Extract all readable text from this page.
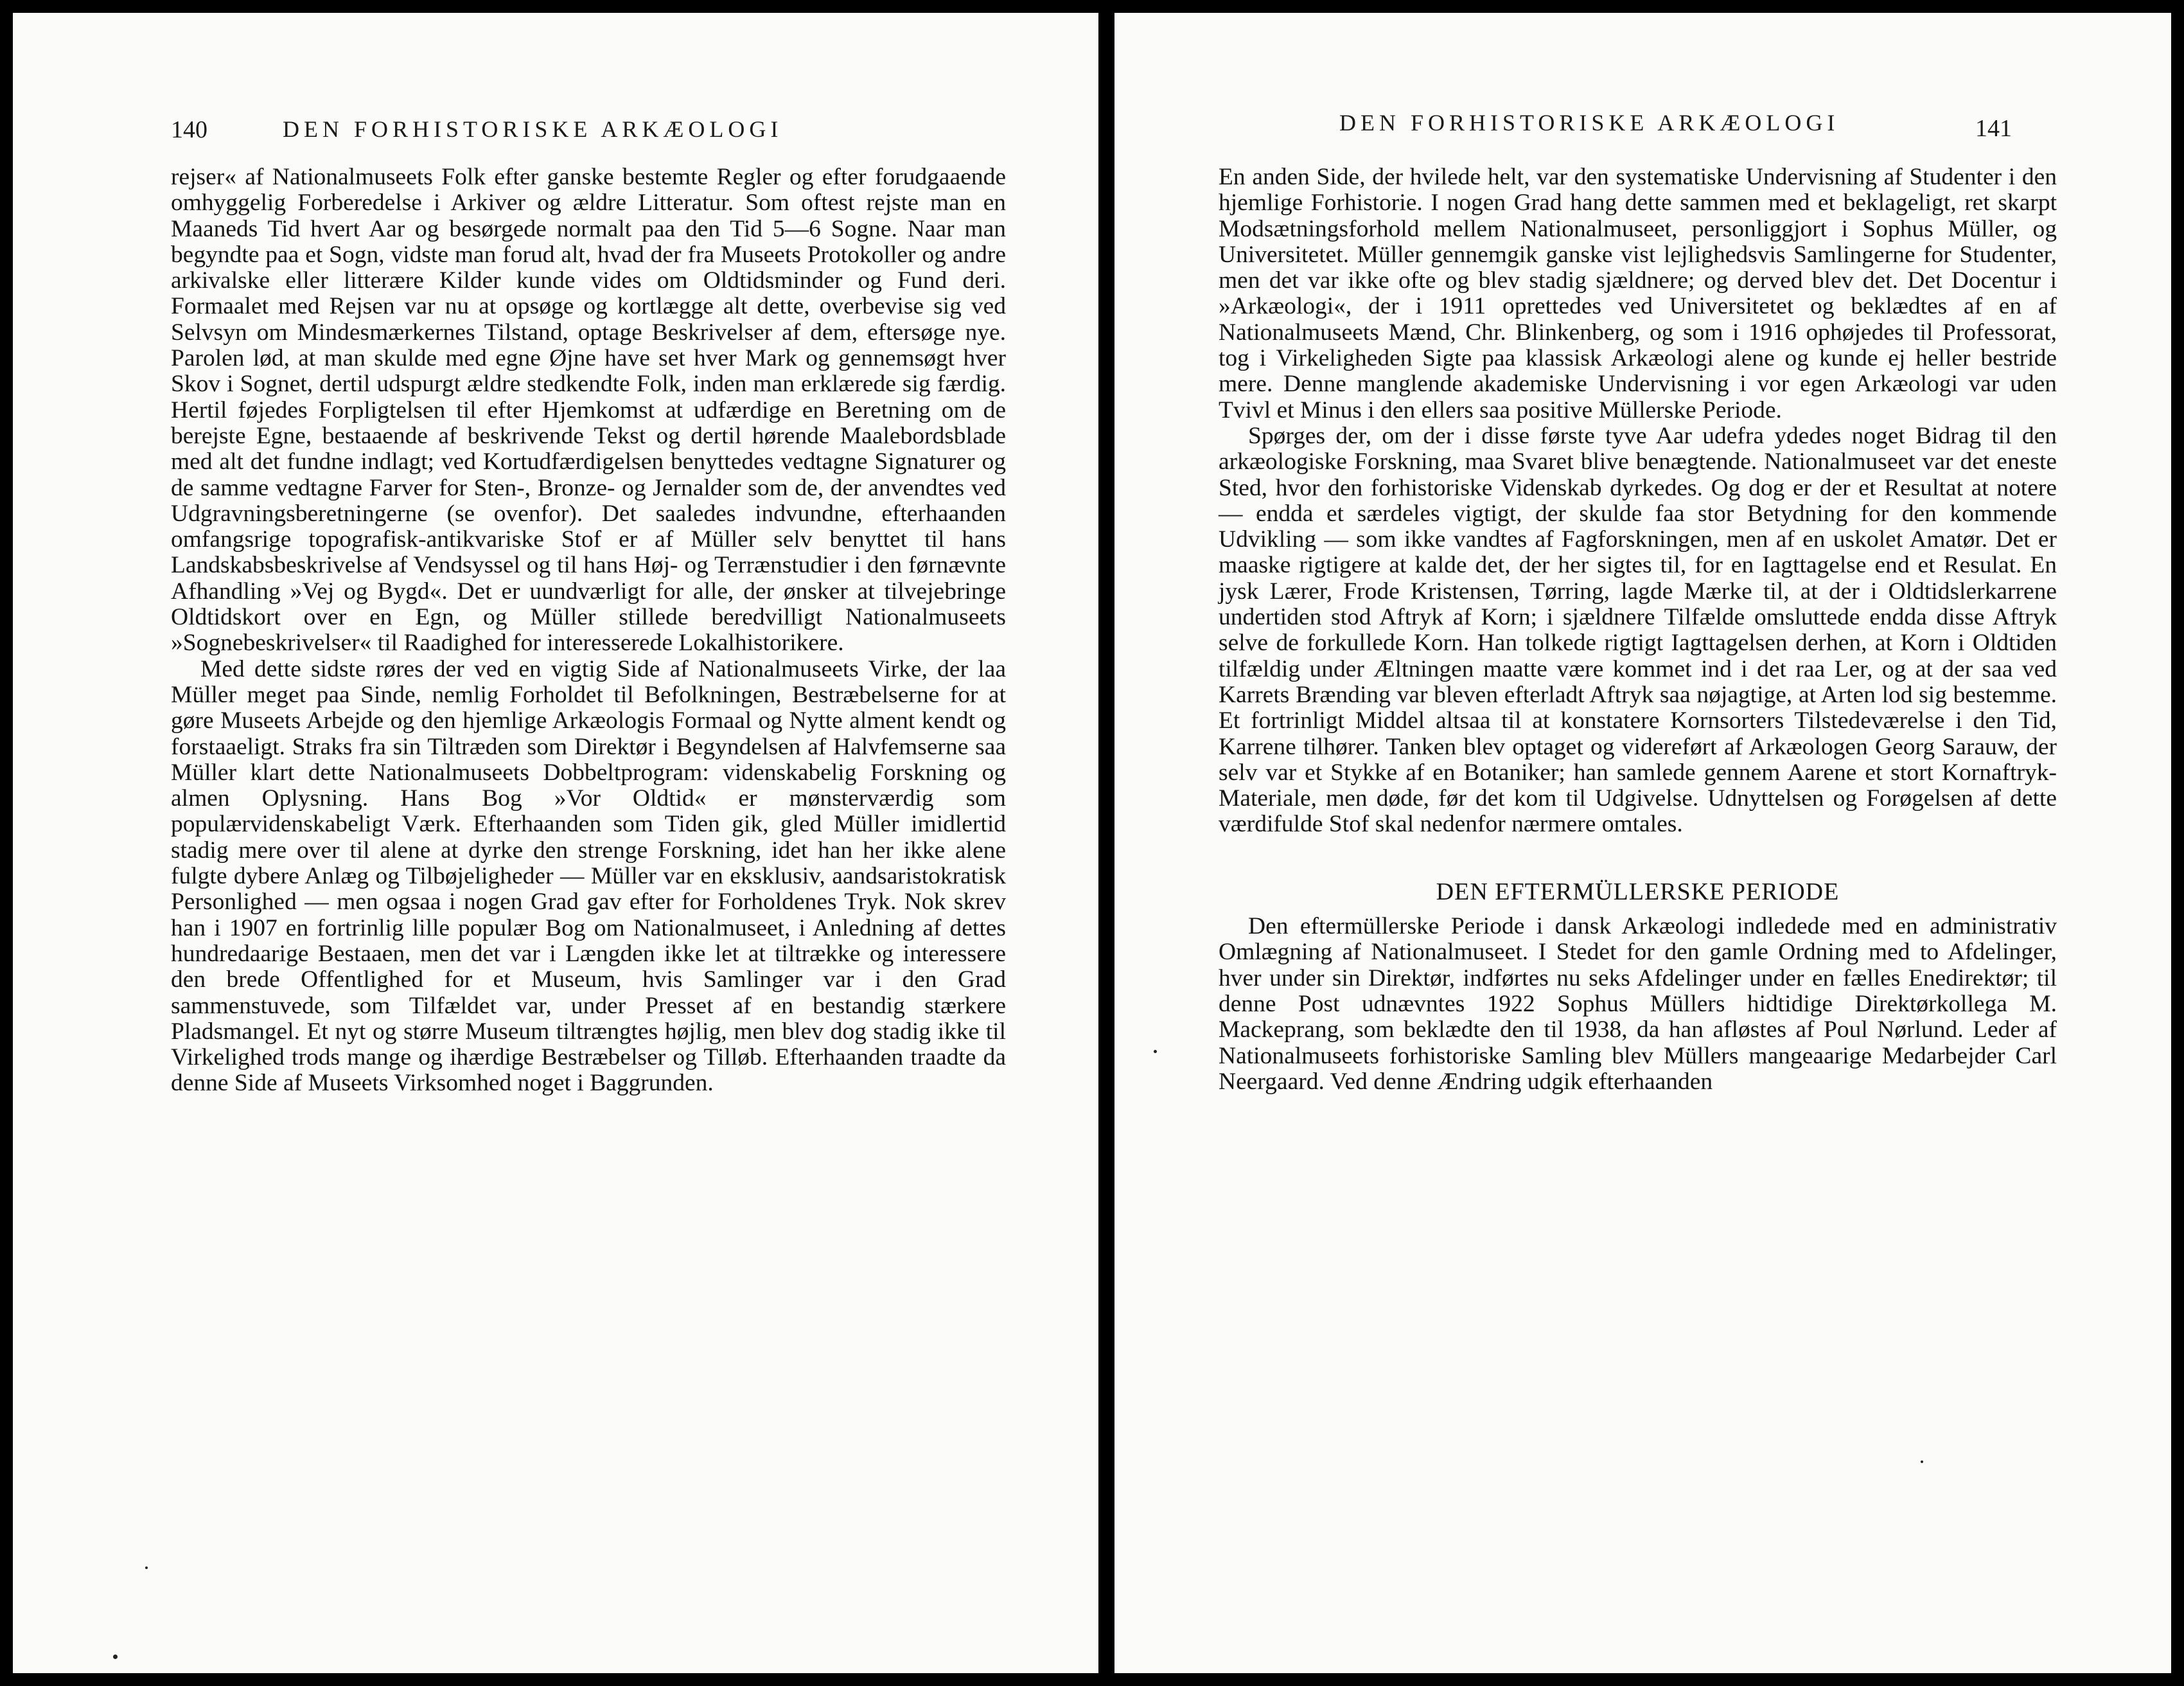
140	DEN FORHISTORISKE ARKÆOLOGI

rejser« af Nationalmuseets Folk efter ganske bestemte Regler og efter forudgaaende omhyggelig Forberedelse i Arkiver og ældre Litteratur. Som oftest rejste man en Maaneds Tid hvert Aar og besørgede normalt paa den Tid 5—6 Sogne. Naar man begyndte paa et Sogn, vidste man forud alt, hvad der fra Museets Protokoller og andre arkivalske eller litterære Kilder kunde vides om Oldtidsminder og Fund deri. Formaalet med Rejsen var nu at opsøge og kortlægge alt dette, overbevise sig ved Selvsyn om Mindesmærkernes Tilstand, optage Beskrivelser af dem, eftersøge nye. Parolen lød, at man skulde med egne Øjne have set hver Mark og gennemsøgt hver Skov i Sognet, dertil udspurgt ældre stedkendte Folk, inden man erklærede sig færdig. Hertil føjedes Forpligtelsen til efter Hjemkomst at udfærdige en Beretning om de berejste Egne, bestaaende af beskrivende Tekst og dertil hørende Maalebordsblade med alt det fundne indlagt; ved Kortudfærdigelsen benyttedes vedtagne Signaturer og de samme vedtagne Farver for Sten-, Bronze- og Jernalder som de, der anvendtes ved Udgravningsberetningerne (se ovenfor). Det saaledes indvundne, efterhaanden omfangsrige topografisk-antikvariske Stof er af Müller selv benyttet til hans Landskabsbeskrivelse af Vendsyssel og til hans Høj- og Terrænstudier i den førnævnte Afhandling »Vej og Bygd«. Det er uundværligt for alle, der ønsker at tilvejebringe Oldtidskort over en Egn, og Müller stillede beredvilligt Nationalmuseets »Sognebeskrivelser« til Raadighed for interesserede Lokalhistorikere.

Med dette sidste røres der ved en vigtig Side af Nationalmuseets Virke, der laa Müller meget paa Sinde, nemlig Forholdet til Befolkningen, Bestræbelserne for at gøre Museets Arbejde og den hjemlige Arkæologis Formaal og Nytte alment kendt og forstaaeligt. Straks fra sin Tiltræden som Direktør i Begyndelsen af Halvfemserne saa Müller klart dette Nationalmuseets Dobbeltprogram: videnskabelig Forskning og almen Oplysning. Hans Bog »Vor Oldtid« er mønsterværdig som populærvidenskabeligt Værk. Efterhaanden som Tiden gik, gled Müller imidlertid stadig mere over til alene at dyrke den strenge Forskning, idet han her ikke alene fulgte dybere Anlæg og Tilbøjeligheder — Müller var en eksklusiv, aandsaristokratisk Personlighed — men ogsaa i nogen Grad gav efter for Forholdenes Tryk. Nok skrev han i 1907 en fortrinlig lille populær Bog om Nationalmuseet, i Anledning af dettes hundredaarige Bestaaen, men det var i Længden ikke let at tiltrække og interessere den brede Offentlighed for et Museum, hvis Samlinger var i den Grad sammenstuvede, som Tilfældet var, under Presset af en bestandig stærkere Pladsmangel. Et nyt og større Museum tiltrængtes højlig, men blev dog stadig ikke til Virkelighed trods mange og ihærdige Bestræbelser og Tilløb. Efterhaanden traadte da denne Side af Museets Virksomhed noget i Baggrunden.

DEN FORHISTORISKE ARKÆOLOGI	141

En anden Side, der hvilede helt, var den systematiske Undervisning af Studenter i den hjemlige Forhistorie. I nogen Grad hang dette sammen med et beklageligt, ret skarpt Modsætningsforhold mellem Nationalmuseet, personliggjort i Sophus Müller, og Universitetet. Müller gennemgik ganske vist lejlighedsvis Samlingerne for Studenter, men det var ikke ofte og blev stadig sjældnere; og derved blev det. Det Docentur i »Arkæologi«, der i 1911 oprettedes ved Universitetet og beklædtes af en af Nationalmuseets Mænd, Chr. Blinkenberg, og som i 1916 ophøjedes til Professorat, tog i Virkeligheden Sigte paa klassisk Arkæologi alene og kunde ej heller bestride mere. Denne manglende akademiske Undervisning i vor egen Arkæologi var uden Tvivl et Minus i den ellers saa positive Müllerske Periode.

Spørges der, om der i disse første tyve Aar udefra ydedes noget Bidrag til den arkæologiske Forskning, maa Svaret blive benægtende. Nationalmuseet var det eneste Sted, hvor den forhistoriske Videnskab dyrkedes. Og dog er der et Resultat at notere — endda et særdeles vigtigt, der skulde faa stor Betydning for den kommende Udvikling — som ikke vandtes af Fagforskningen, men af en uskolet Amatør. Det er maaske rigtigere at kalde det, der her sigtes til, for en Iagttagelse end et Resulat. En jysk Lærer, Frode Kristensen, Tørring, lagde Mærke til, at der i Oldtidslerkarrene undertiden stod Aftryk af Korn; i sjældnere Tilfælde omsluttede endda disse Aftryk selve de forkullede Korn. Han tolkede rigtigt Iagttagelsen derhen, at Korn i Oldtiden tilfældig under Æltningen maatte være kommet ind i det raa Ler, og at der saa ved Karrets Brænding var bleven efterladt Aftryk saa nøjagtige, at Arten lod sig bestemme. Et fortrinligt Middel altsaa til at konstatere Kornsorters Tilstedeværelse i den Tid, Karrene tilhører. Tanken blev optaget og videreført af Arkæologen Georg Sarauw, der selv var et Stykke af en Botaniker; han samlede gennem Aarene et stort Kornaftryk-Materiale, men døde, før det kom til Udgivelse. Udnyttelsen og Forøgelsen af dette værdifulde Stof skal nedenfor nærmere omtales.

DEN EFTERMÜLLERSKE PERIODE

Den eftermüllerske Periode i dansk Arkæologi indledede med en administrativ Omlægning af Nationalmuseet. I Stedet for den gamle Ordning med to Afdelinger, hver under sin Direktør, indførtes nu seks Afdelinger under en fælles Enedirektør; til denne Post udnævntes 1922 Sophus Müllers hidtidige Direktørkollega M. Mackeprang, som beklædte den til 1938, da han afløstes af Poul Nørlund. Leder af Nationalmuseets forhistoriske Samling blev Müllers mangeaarige Medarbejder Carl Neergaard. Ved denne Ændring udgik efterhaanden
